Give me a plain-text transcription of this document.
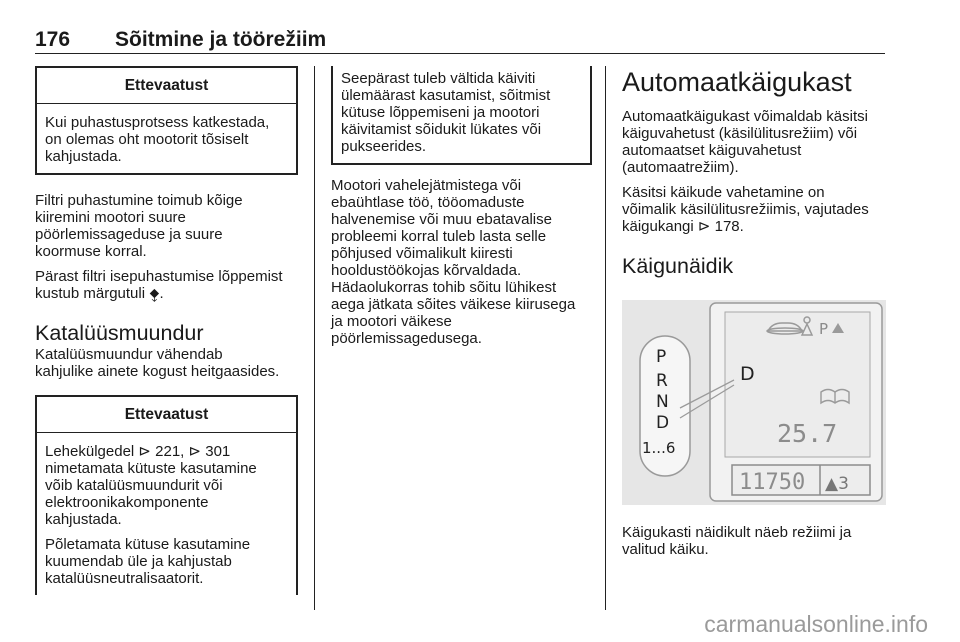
176 Sõitmine ja töörežiim
Ettevaatust

Kui puhastusprotsess katkestada,
on olemas oht mootorit tõsiselt
kahjustada.

Filtri puhastumine toimub kõige
kiiremini mootori suure
pöörlemissageduse ja suure
koormuse korral.

Pärast filtri isepuhastumise lõppemist
kustub märgutuli ⧪.

Katalüüsmuundur

Katalüüsmuundur vähendab
kahjulike ainete kogust heitgaasides.

Ettevaatust

Lehekülgedel ⊳ 221, ⊳ 301
nimetamata kütuste kasutamine
võib katalüüsmuundurit või
elektroonikakomponente
kahjustada.

Põletamata kütuse kasutamine
kuumendab üle ja kahjustab
katalüüsneutralisaatorit.

Seepärast tuleb vältida käiviti
ülemäärast kasutamist, sõitmist
kütuse lõppemiseni ja mootori
käivitamist sõidukit lükates või
pukseerides.

Mootori vahelejätmistega või
ebaühtlase töö, tööomaduste
halvenemise või muu ebatavalise
probleemi korral tuleb lasta selle
põhjused võimalikult kiiresti
hooldustöökojas kõrvaldada.
Hädaolukorras tohib sõitu lühikest
aega jätkata sõites väikese kiirusega
ja mootori väikese
pöörlemissagedusega.

Automaatkäigukast

Automaatkäigukast võimaldab käsitsi
käiguvahetust (käsilülitusrežiim) või
automaatset käiguvahetust
(automaatrežiim).

Käsitsi käikude vahetamine on
võimalik käsilülitusrežiimis, vajutades
käigukangi ⊳ 178.

Käigunäidik
P
D
25.7
11750 ▲3
P
R
N
D
1...6

Käigukasti näidikult näeb režiimi ja
valitud käiku.

carmanualsonline.info
